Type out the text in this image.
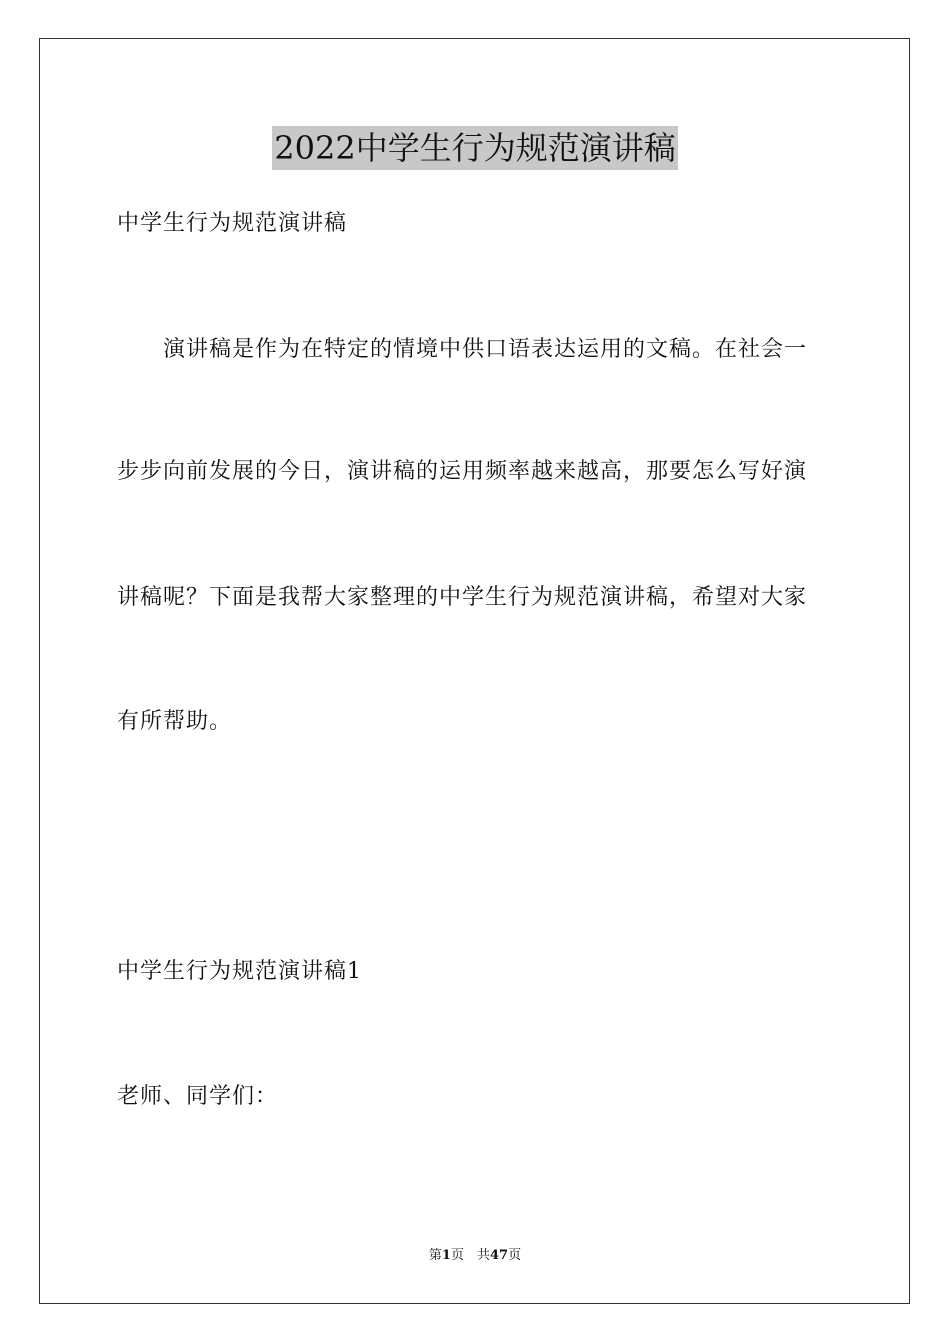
2022中学生行为规范演讲稿
中学生行为规范演讲稿
演讲稿是作为在特定的情境中供口语表达运用的文稿。在社会一
步步向前发展的今日，演讲稿的运用频率越来越高，那要怎么写好演
讲稿呢？下面是我帮大家整理的中学生行为规范演讲稿，希望对大家
有所帮助。
中学生行为规范演讲稿1
老师、同学们：
第1页　共47页
